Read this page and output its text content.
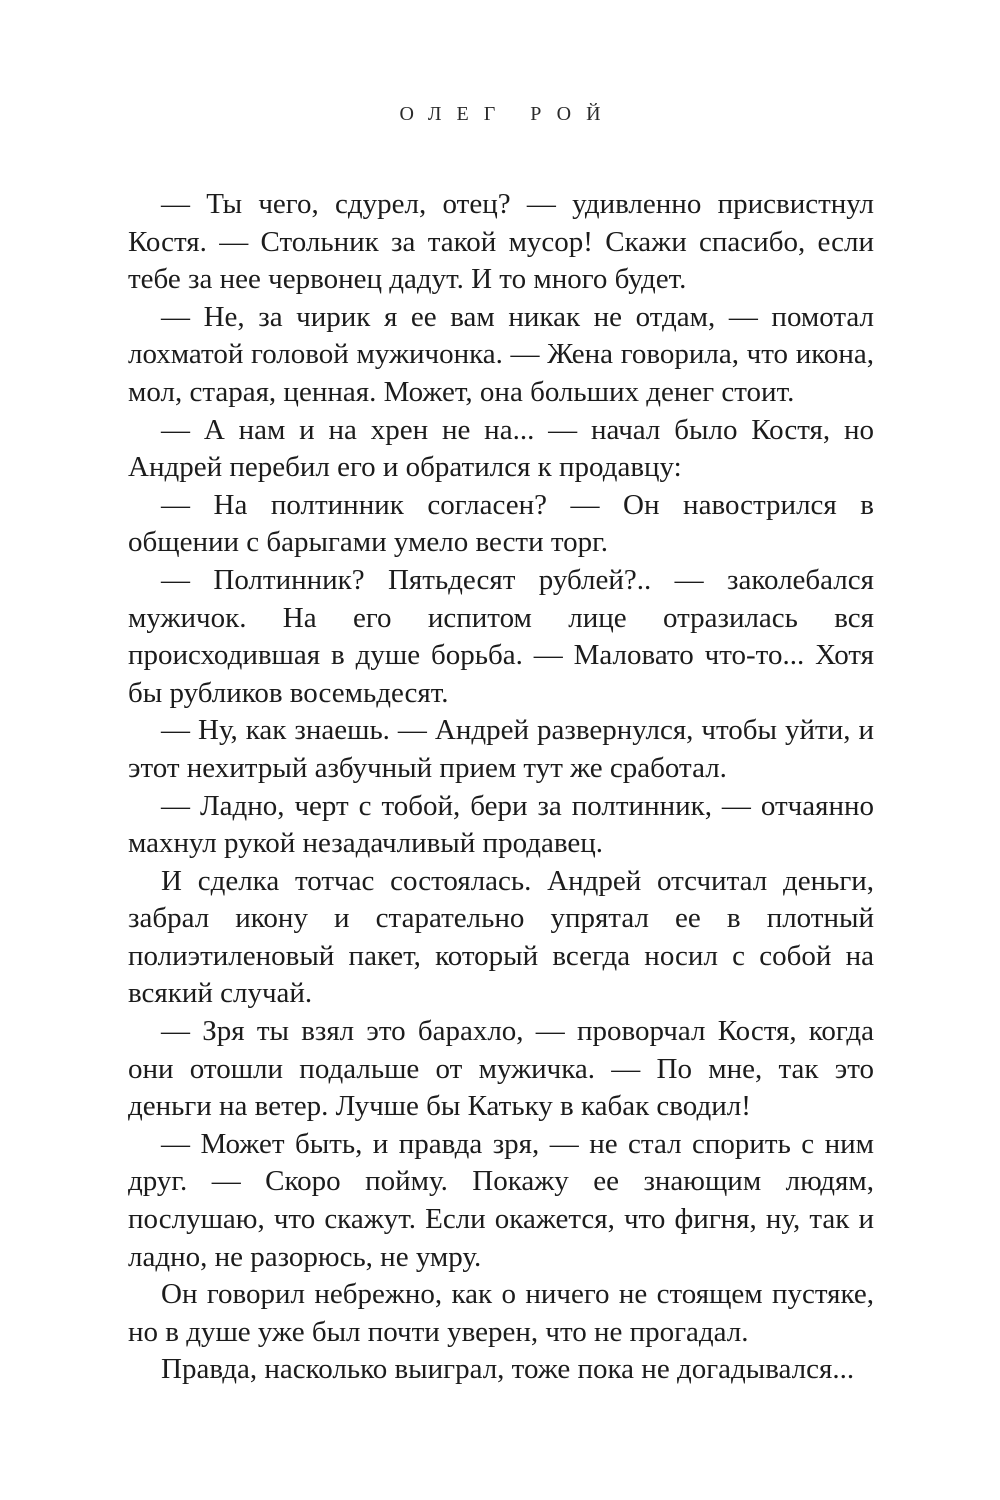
ОЛЕГ РОЙ

— Ты чего, сдурел, отец? — удивленно присвистнул Костя. — Стольник за такой мусор! Скажи спасибо, если тебе за нее червонец дадут. И то много будет.

— Не, за чирик я ее вам никак не отдам, — помотал лохматой головой мужичонка. — Жена говорила, что икона, мол, старая, ценная. Может, она больших денег стоит.

— А нам и на хрен не на... — начал было Костя, но Андрей перебил его и обратился к продавцу:

— На полтинник согласен? — Он навострился в общении с барыгами умело вести торг.

— Полтинник? Пятьдесят рублей?.. — заколебался мужичок. На его испитом лице отразилась вся происходившая в душе борьба. — Маловато что-то... Хотя бы рубликов восемьдесят.

— Ну, как знаешь. — Андрей развернулся, чтобы уйти, и этот нехитрый азбучный прием тут же сработал.

— Ладно, черт с тобой, бери за полтинник, — отчаянно махнул рукой незадачливый продавец.

И сделка тотчас состоялась. Андрей отсчитал деньги, забрал икону и старательно упрятал ее в плотный полиэтиленовый пакет, который всегда носил с собой на всякий случай.

— Зря ты взял это барахло, — проворчал Костя, когда они отошли подальше от мужичка. — По мне, так это деньги на ветер. Лучше бы Катьку в кабак сводил!

— Может быть, и правда зря, — не стал спорить с ним друг. — Скоро пойму. Покажу ее знающим людям, послушаю, что скажут. Если окажется, что фигня, ну, так и ладно, не разорюсь, не умру.

Он говорил небрежно, как о ничего не стоящем пустяке, но в душе уже был почти уверен, что не прогадал.

Правда, насколько выиграл, тоже пока не догадывался...
